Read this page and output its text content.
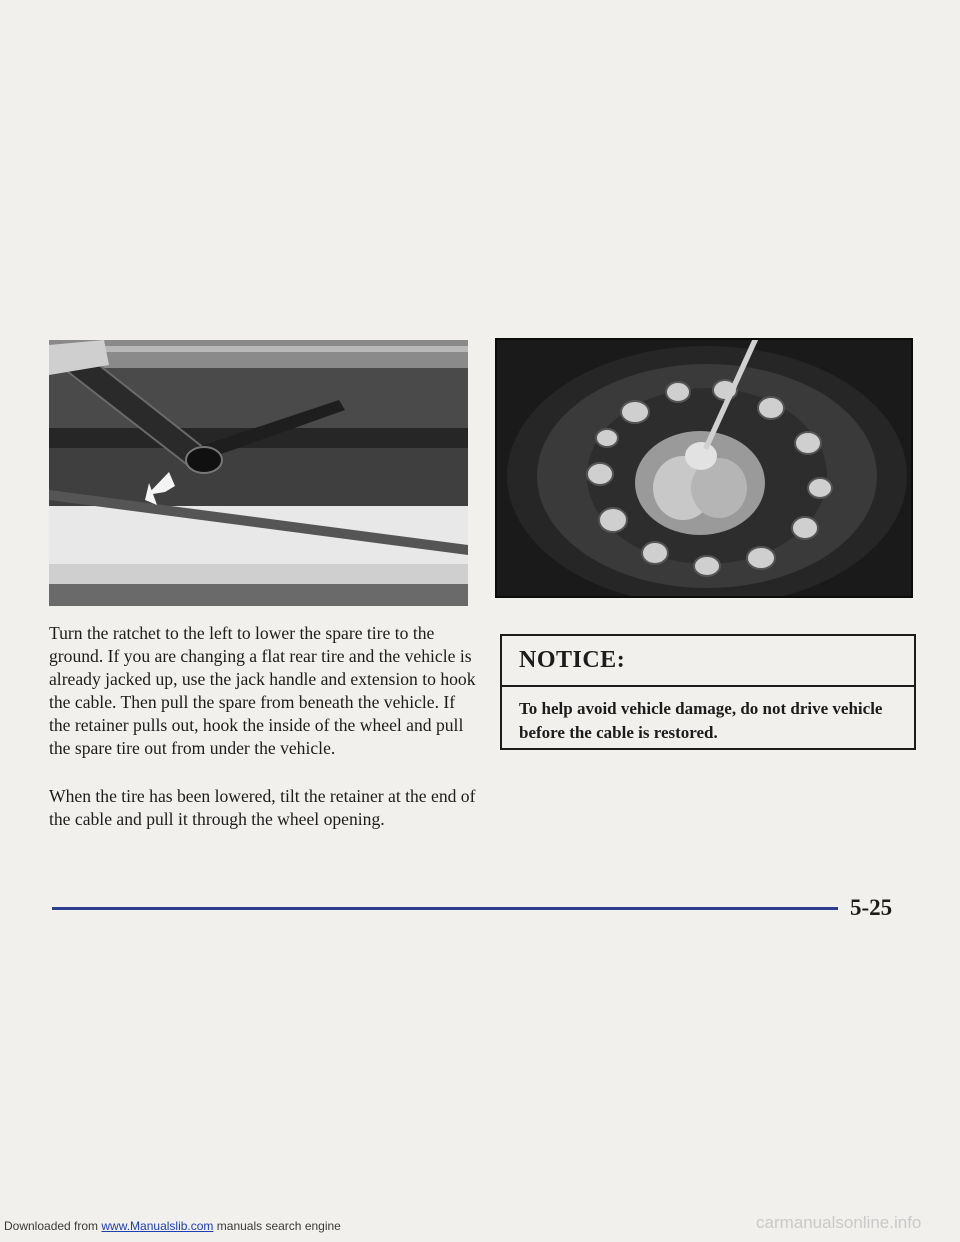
Turn the ratchet to the left to lower the spare tire to the ground. If you are changing a flat rear tire and the vehicle is already jacked up, use the jack handle and extension to hook the cable. Then pull the spare from beneath the vehicle. If the retainer pulls out, hook the inside of the wheel and pull the spare tire out from under the vehicle.

When the tire has been lowered, tilt the retainer at the end of the cable and pull it through the wheel opening.

NOTICE:

To help avoid vehicle damage, do not drive vehicle before the cable is restored.

5-25
Downloaded from www.Manualslib.com manuals search engine	carmanualsonline.info
